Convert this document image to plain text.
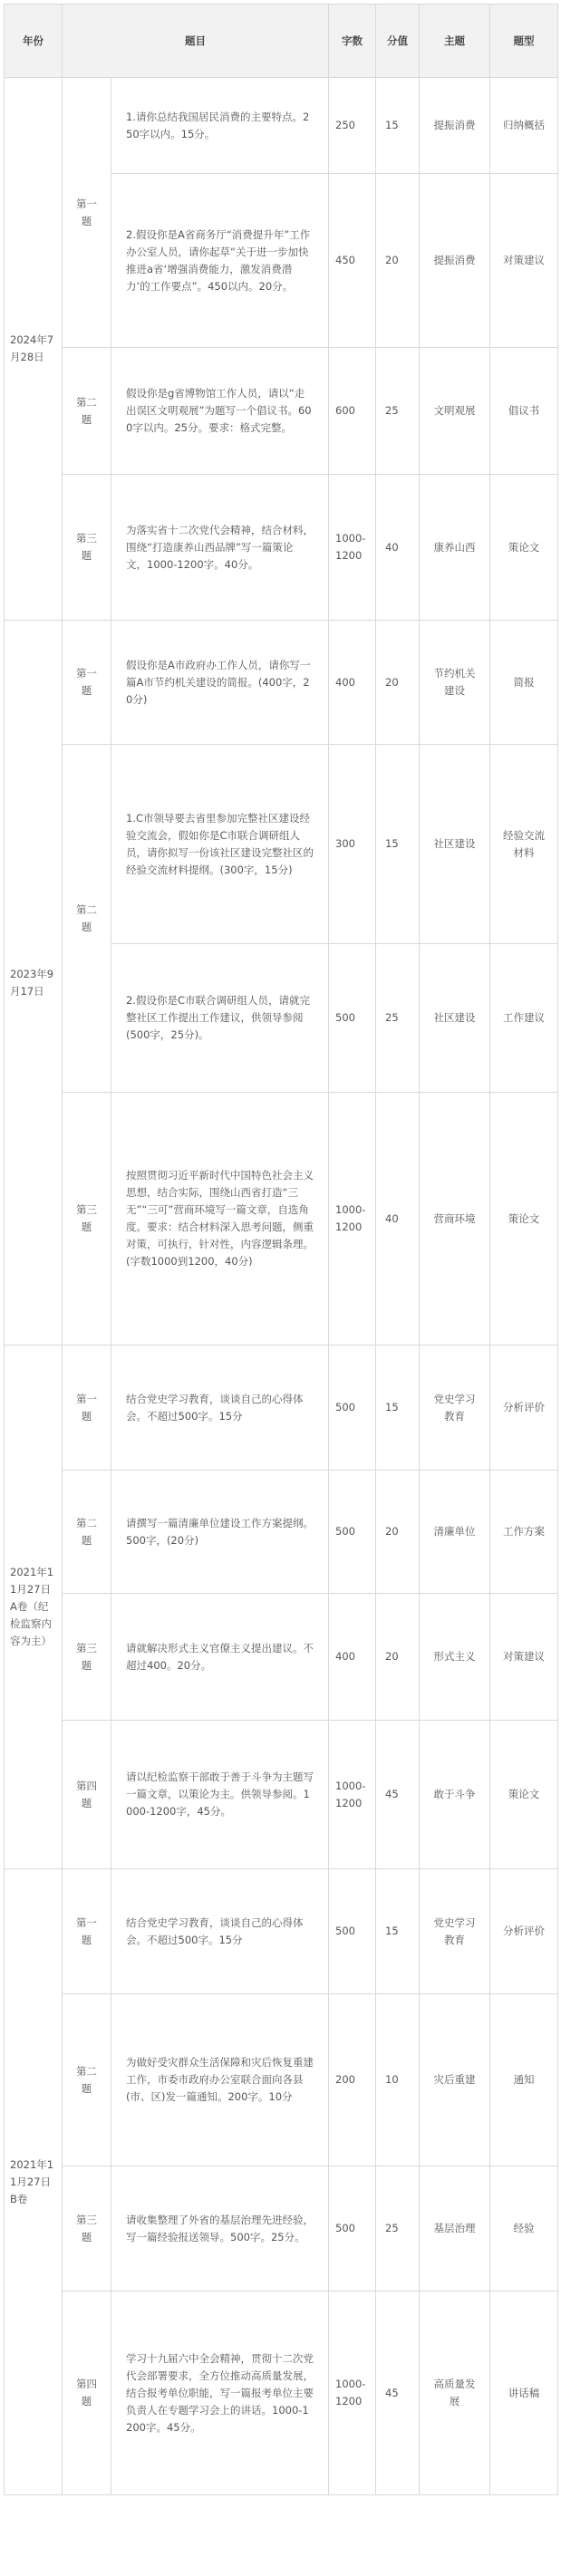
年份	题目		字数	分值	主题	题型
2024年7月28日	第一题	1.请你总结我国居民消费的主要特点。250字以内。15分。	250	15	提振消费	归纳概括
		2.假设你是A省商务厅“消费提升年”工作办公室人员，请你起草“关于进一步加快推进a省‘增强消费能力，激发消费潜力’的工作要点”。450以内。20分。	450	20	提振消费	对策建议
	第二题	假设你是g省博物馆工作人员，请以“走出误区文明观展”为题写一个倡议书。600字以内。25分。要求：格式完整。	600	25	文明观展	倡议书
	第三题	为落实省十二次党代会精神，结合材料，围绕“打造康养山西品牌”写一篇策论文，1000-1200字。40分。	1000-1200	40	康养山西	策论文
2023年9月17日	第一题	假设你是A市政府办工作人员，请你写一篇A市节约机关建设的简报。(400字，20分)	400	20	节约机关建设	简报
	第二题	1.C市领导要去省里参加完整社区建设经验交流会，假如你是C市联合调研组人员，请你拟写一份该社区建设完整社区的经验交流材料提纲。(300字，15分)	300	15	社区建设	经验交流材料
		2.假设你是C市联合调研组人员，请就完整社区工作提出工作建议，供领导参阅(500字，25分)。	500	25	社区建设	工作建议
	第三题	按照贯彻习近平新时代中国特色社会主义思想，结合实际，围绕山西省打造“三无”“三可”营商环境写一篇文章，自选角度。要求：结合材料深入思考问题，侧重对策，可执行，针对性，内容逻辑条理。(字数1000到1200，40分)	1000-1200	40	营商环境	策论文
2021年11月27日A卷（纪检监察内容为主）	第一题	结合党史学习教育，谈谈自己的心得体会。不超过500字。15分	500	15	党史学习教育	分析评价
	第二题	请撰写一篇清廉单位建设工作方案提纲。500字，(20分)	500	20	清廉单位	工作方案
	第三题	请就解决形式主义官僚主义提出建议。不超过400。20分。	400	20	形式主义	对策建议
	第四题	请以纪检监察干部敢于善于斗争为主题写一篇文章，以策论为主。供领导参阅。1000-1200字，45分。	1000-1200	45	敢于斗争	策论文
2021年11月27日B卷	第一题	结合党史学习教育，谈谈自己的心得体会。不超过500字。15分	500	15	党史学习教育	分析评价
	第二题	为做好受灾群众生活保障和灾后恢复重建工作，市委市政府办公室联合面向各县(市、区)发一篇通知。200字。10分	200	10	灾后重建	通知
	第三题	请收集整理了外省的基层治理先进经验，写一篇经验报送领导。500字。25分。	500	25	基层治理	经验
	第四题	学习十九届六中全会精神，贯彻十二次党代会部署要求，全方位推动高质量发展，结合报考单位职能，写一篇报考单位主要负责人在专题学习会上的讲话。1000-1200字。45分。	1000-1200	45	高质量发展	讲话稿
